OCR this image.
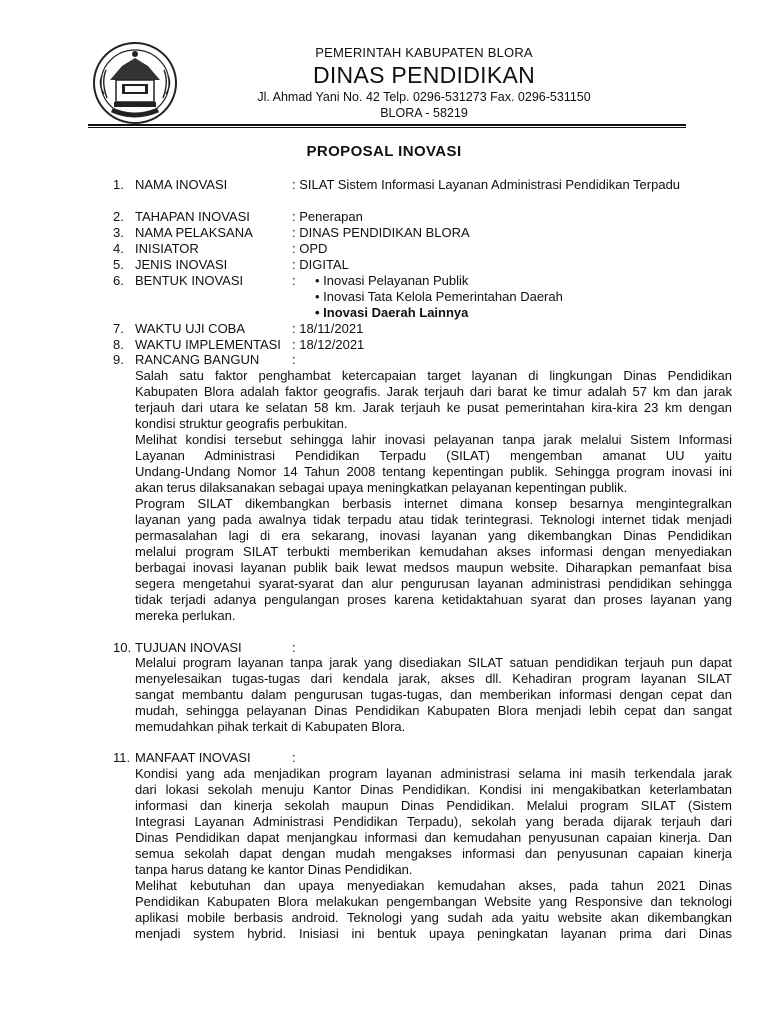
PEMERINTAH KABUPATEN BLORA
DINAS PENDIDIKAN
Jl. Ahmad Yani No. 42 Telp. 0296-531273 Fax. 0296-531150
BLORA - 58219
PROPOSAL INOVASI
1. NAMA INOVASI	: SILAT Sistem Informasi Layanan Administrasi Pendidikan Terpadu
2. TAHAPAN INOVASI	: Penerapan
3. NAMA PELAKSANA	: DINAS PENDIDIKAN BLORA
4. INISIATOR	: OPD
5. JENIS INOVASI	: DIGITAL
6. BENTUK INOVASI	: • Inovasi Pelayanan Publik
• Inovasi Tata Kelola Pemerintahan Daerah
• Inovasi Daerah Lainnya
7. WAKTU UJI COBA	: 18/11/2021
8. WAKTU IMPLEMENTASI : 18/12/2021
9. RANCANG BANGUN	:
Salah satu faktor penghambat ketercapaian target layanan di lingkungan Dinas Pendidikan
Kabupaten Blora adalah faktor geografis. Jarak terjauh dari barat ke timur adalah 57 km dan jarak
terjauh dari utara ke selatan 58 km. Jarak terjauh ke pusat pemerintahan kira-kira 23 km dengan
kondisi struktur geografis perbukitan.
Melihat kondisi tersebut sehingga lahir inovasi pelayanan tanpa jarak melalui Sistem Informasi
Layanan Administrasi Pendidikan Terpadu (SILAT) mengemban amanat UU yaitu
Undang-Undang Nomor 14 Tahun 2008 tentang kepentingan publik. Sehingga program inovasi ini
akan terus dilaksanakan sebagai upaya meningkatkan pelayanan kepentingan publik.
Program SILAT dikembangkan berbasis internet dimana konsep besarnya mengintegralkan
layanan yang pada awalnya tidak terpadu atau tidak terintegrasi. Teknologi internet tidak menjadi
permasalahan lagi di era sekarang, inovasi layanan yang dikembangkan Dinas Pendidikan
melalui program SILAT terbukti memberikan kemudahan akses informasi dengan menyediakan
berbagai inovasi layanan publik baik lewat medsos maupun website. Diharapkan pemanfaat bisa
segera mengetahui syarat-syarat dan alur pengurusan layanan administrasi pendidikan sehingga
tidak terjadi adanya pengulangan proses karena ketidaktahuan syarat dan proses layanan yang
mereka perlukan.
10. TUJUAN INOVASI	:
Melalui program layanan tanpa jarak yang disediakan SILAT satuan pendidikan terjauh pun dapat
menyelesaikan tugas-tugas dari kendala jarak, akses dll. Kehadiran program layanan SILAT
sangat membantu dalam pengurusan tugas-tugas, dan memberikan informasi dengan cepat dan
mudah, sehingga pelayanan Dinas Pendidikan Kabupaten Blora menjadi lebih cepat dan sangat
memudahkan pihak terkait di Kabupaten Blora.
11. MANFAAT INOVASI	:
Kondisi yang ada menjadikan program layanan administrasi selama ini masih terkendala jarak
dari lokasi sekolah menuju Kantor Dinas Pendidikan. Kondisi ini mengakibatkan keterlambatan
informasi dan kinerja sekolah maupun Dinas Pendidikan. Melalui program SILAT (Sistem
Integrasi Layanan Administrasi Pendidikan Terpadu), sekolah yang berada dijarak terjauh dari
Dinas Pendidikan dapat menjangkau informasi dan kemudahan penyusunan capaian kinerja. Dan
semua sekolah dapat dengan mudah mengakses informasi dan penyusunan capaian kinerja
tanpa harus datang ke kantor Dinas Pendidikan.
Melihat kebutuhan dan upaya menyediakan kemudahan akses, pada tahun 2021 Dinas
Pendidikan Kabupaten Blora melakukan pengembangan Website yang Responsive dan teknologi
aplikasi mobile berbasis android. Teknologi yang sudah ada yaitu website akan dikembangkan
menjadi system hybrid. Inisiasi ini bentuk upaya peningkatan layanan prima dari Dinas
